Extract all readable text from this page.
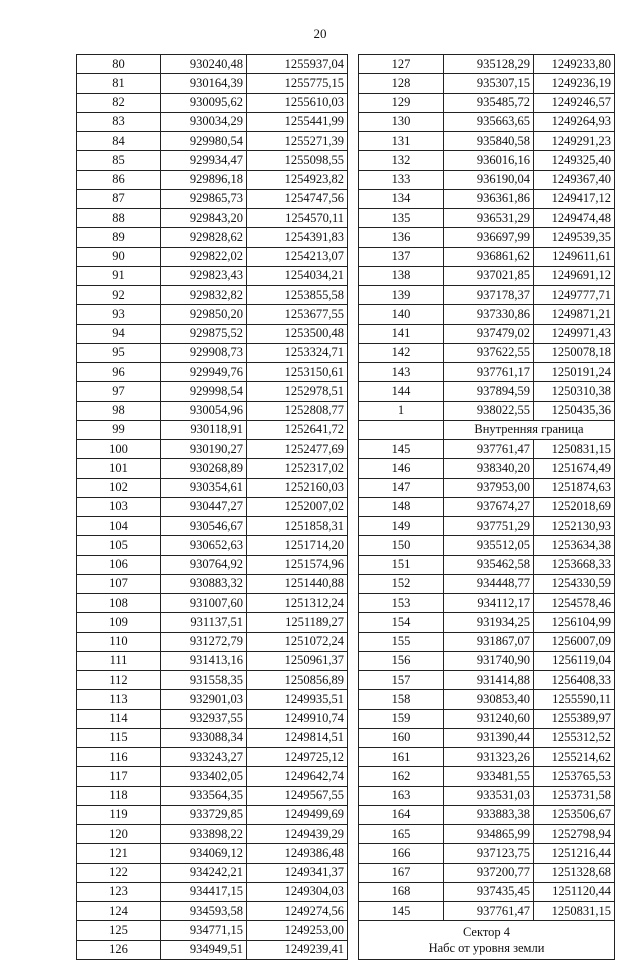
20
80	930240,48	1255937,04
81	930164,39	1255775,15
82	930095,62	1255610,03
83	930034,29	1255441,99
84	929980,54	1255271,39
85	929934,47	1255098,55
86	929896,18	1254923,82
87	929865,73	1254747,56
88	929843,20	1254570,11
89	929828,62	1254391,83
90	929822,02	1254213,07
91	929823,43	1254034,21
92	929832,82	1253855,58
93	929850,20	1253677,55
94	929875,52	1253500,48
95	929908,73	1253324,71
96	929949,76	1253150,61
97	929998,54	1252978,51
98	930054,96	1252808,77
99	930118,91	1252641,72
100	930190,27	1252477,69
101	930268,89	1252317,02
102	930354,61	1252160,03
103	930447,27	1252007,02
104	930546,67	1251858,31
105	930652,63	1251714,20
106	930764,92	1251574,96
107	930883,32	1251440,88
108	931007,60	1251312,24
109	931137,51	1251189,27
110	931272,79	1251072,24
111	931413,16	1250961,37
112	931558,35	1250856,89
113	932901,03	1249935,51
114	932937,55	1249910,74
115	933088,34	1249814,51
116	933243,27	1249725,12
117	933402,05	1249642,74
118	933564,35	1249567,55
119	933729,85	1249499,69
120	933898,22	1249439,29
121	934069,12	1249386,48
122	934242,21	1249341,37
123	934417,15	1249304,03
124	934593,58	1249274,56
125	934771,15	1249253,00
126	934949,51	1249239,41
127	935128,29	1249233,80
128	935307,15	1249236,19
129	935485,72	1249246,57
130	935663,65	1249264,93
131	935840,58	1249291,23
132	936016,16	1249325,40
133	936190,04	1249367,40
134	936361,86	1249417,12
135	936531,29	1249474,48
136	936697,99	1249539,35
137	936861,62	1249611,61
138	937021,85	1249691,12
139	937178,37	1249777,71
140	937330,86	1249871,21
141	937479,02	1249971,43
142	937622,55	1250078,18
143	937761,17	1250191,24
144	937894,59	1250310,38
1	938022,55	1250435,36
	Внутренняя граница	
145	937761,47	1250831,15
146	938340,20	1251674,49
147	937953,00	1251874,63
148	937674,27	1252018,69
149	937751,29	1252130,93
150	935512,05	1253634,38
151	935462,58	1253668,33
152	934448,77	1254330,59
153	934112,17	1254578,46
154	931934,25	1256104,99
155	931867,07	1256007,09
156	931740,90	1256119,04
157	931414,88	1256408,33
158	930853,40	1255590,11
159	931240,60	1255389,97
160	931390,44	1255312,52
161	931323,26	1255214,62
162	933481,55	1253765,53
163	933531,03	1253731,58
164	933883,38	1253506,67
165	934865,99	1252798,94
166	937123,75	1251216,44
167	937200,77	1251328,68
168	937435,45	1251120,44
145	937761,47	1250831,15

Сектор 4
Набс от уровня земли		
